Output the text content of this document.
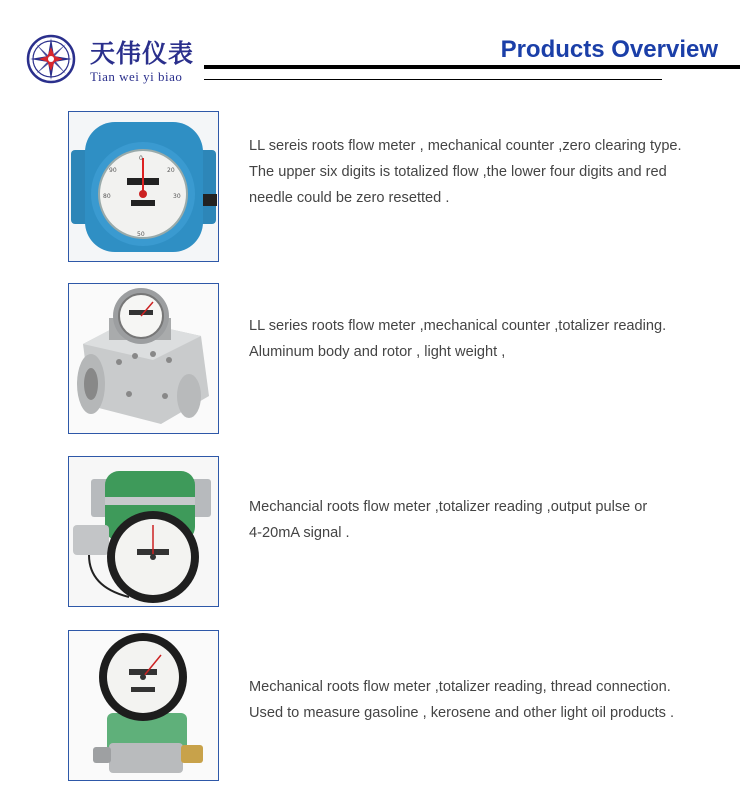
天伟仪表
Tian wei yi biao
Products Overview
0
20
30
90
80
50

LL sereis roots flow meter , mechanical counter ,zero clearing type.

The upper six digits is totalized flow ,the lower four digits and red

needle could be zero resetted .

LL series roots flow meter ,mechanical counter ,totalizer reading.

Aluminum body and rotor , light weight ,

Mechancial roots flow meter ,totalizer reading ,output pulse or

4-20mA signal .

Mechanical roots flow meter ,totalizer reading, thread connection.

Used to measure gasoline , kerosene and other light oil products .
